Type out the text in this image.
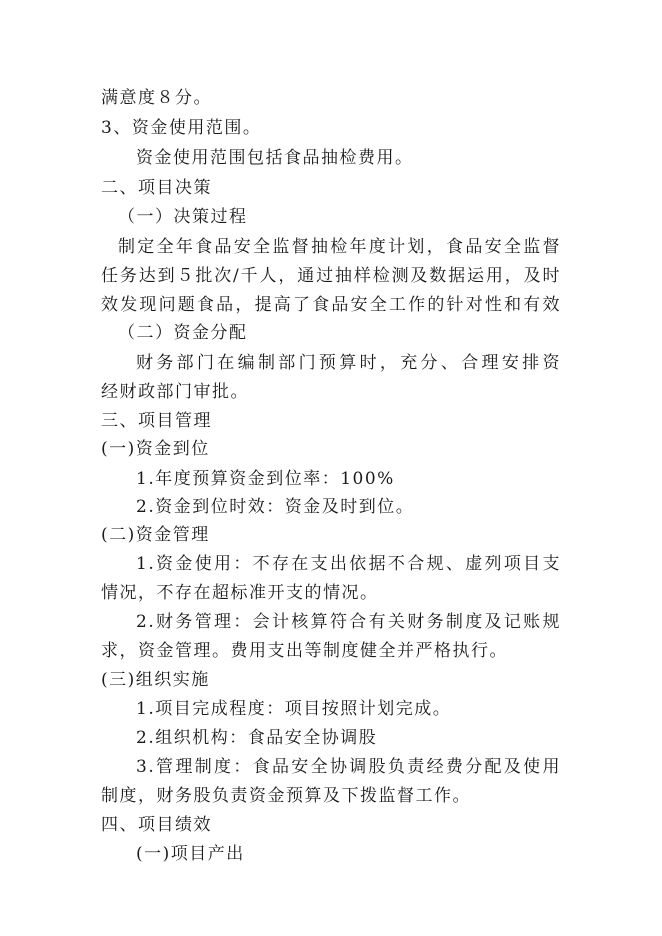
满意度８分。
3、资金使用范围。
资金使用范围包括食品抽检费用。
二、项目决策
（一）决策过程
制定全年食品安全监督抽检年度计划，食品安全监督
任务达到５批次/千人，通过抽样检测及数据运用，及时
效发现问题食品，提高了食品安全工作的针对性和有效
（二）资金分配
财务部门在编制部门预算时，充分、合理安排资
经财政部门审批。
三、项目管理
(一)资金到位
1.年度预算资金到位率：100%
2.资金到位时效：资金及时到位。
(二)资金管理
1.资金使用：不存在支出依据不合规、虚列项目支
情况，不存在超标准开支的情况。
2.财务管理：会计核算符合有关财务制度及记账规
求，资金管理。费用支出等制度健全并严格执行。
(三)组织实施
1.项目完成程度：项目按照计划完成。
2.组织机构：食品安全协调股
3.管理制度：食品安全协调股负责经费分配及使用
制度，财务股负责资金预算及下拨监督工作。
四、项目绩效
(一)项目产出
